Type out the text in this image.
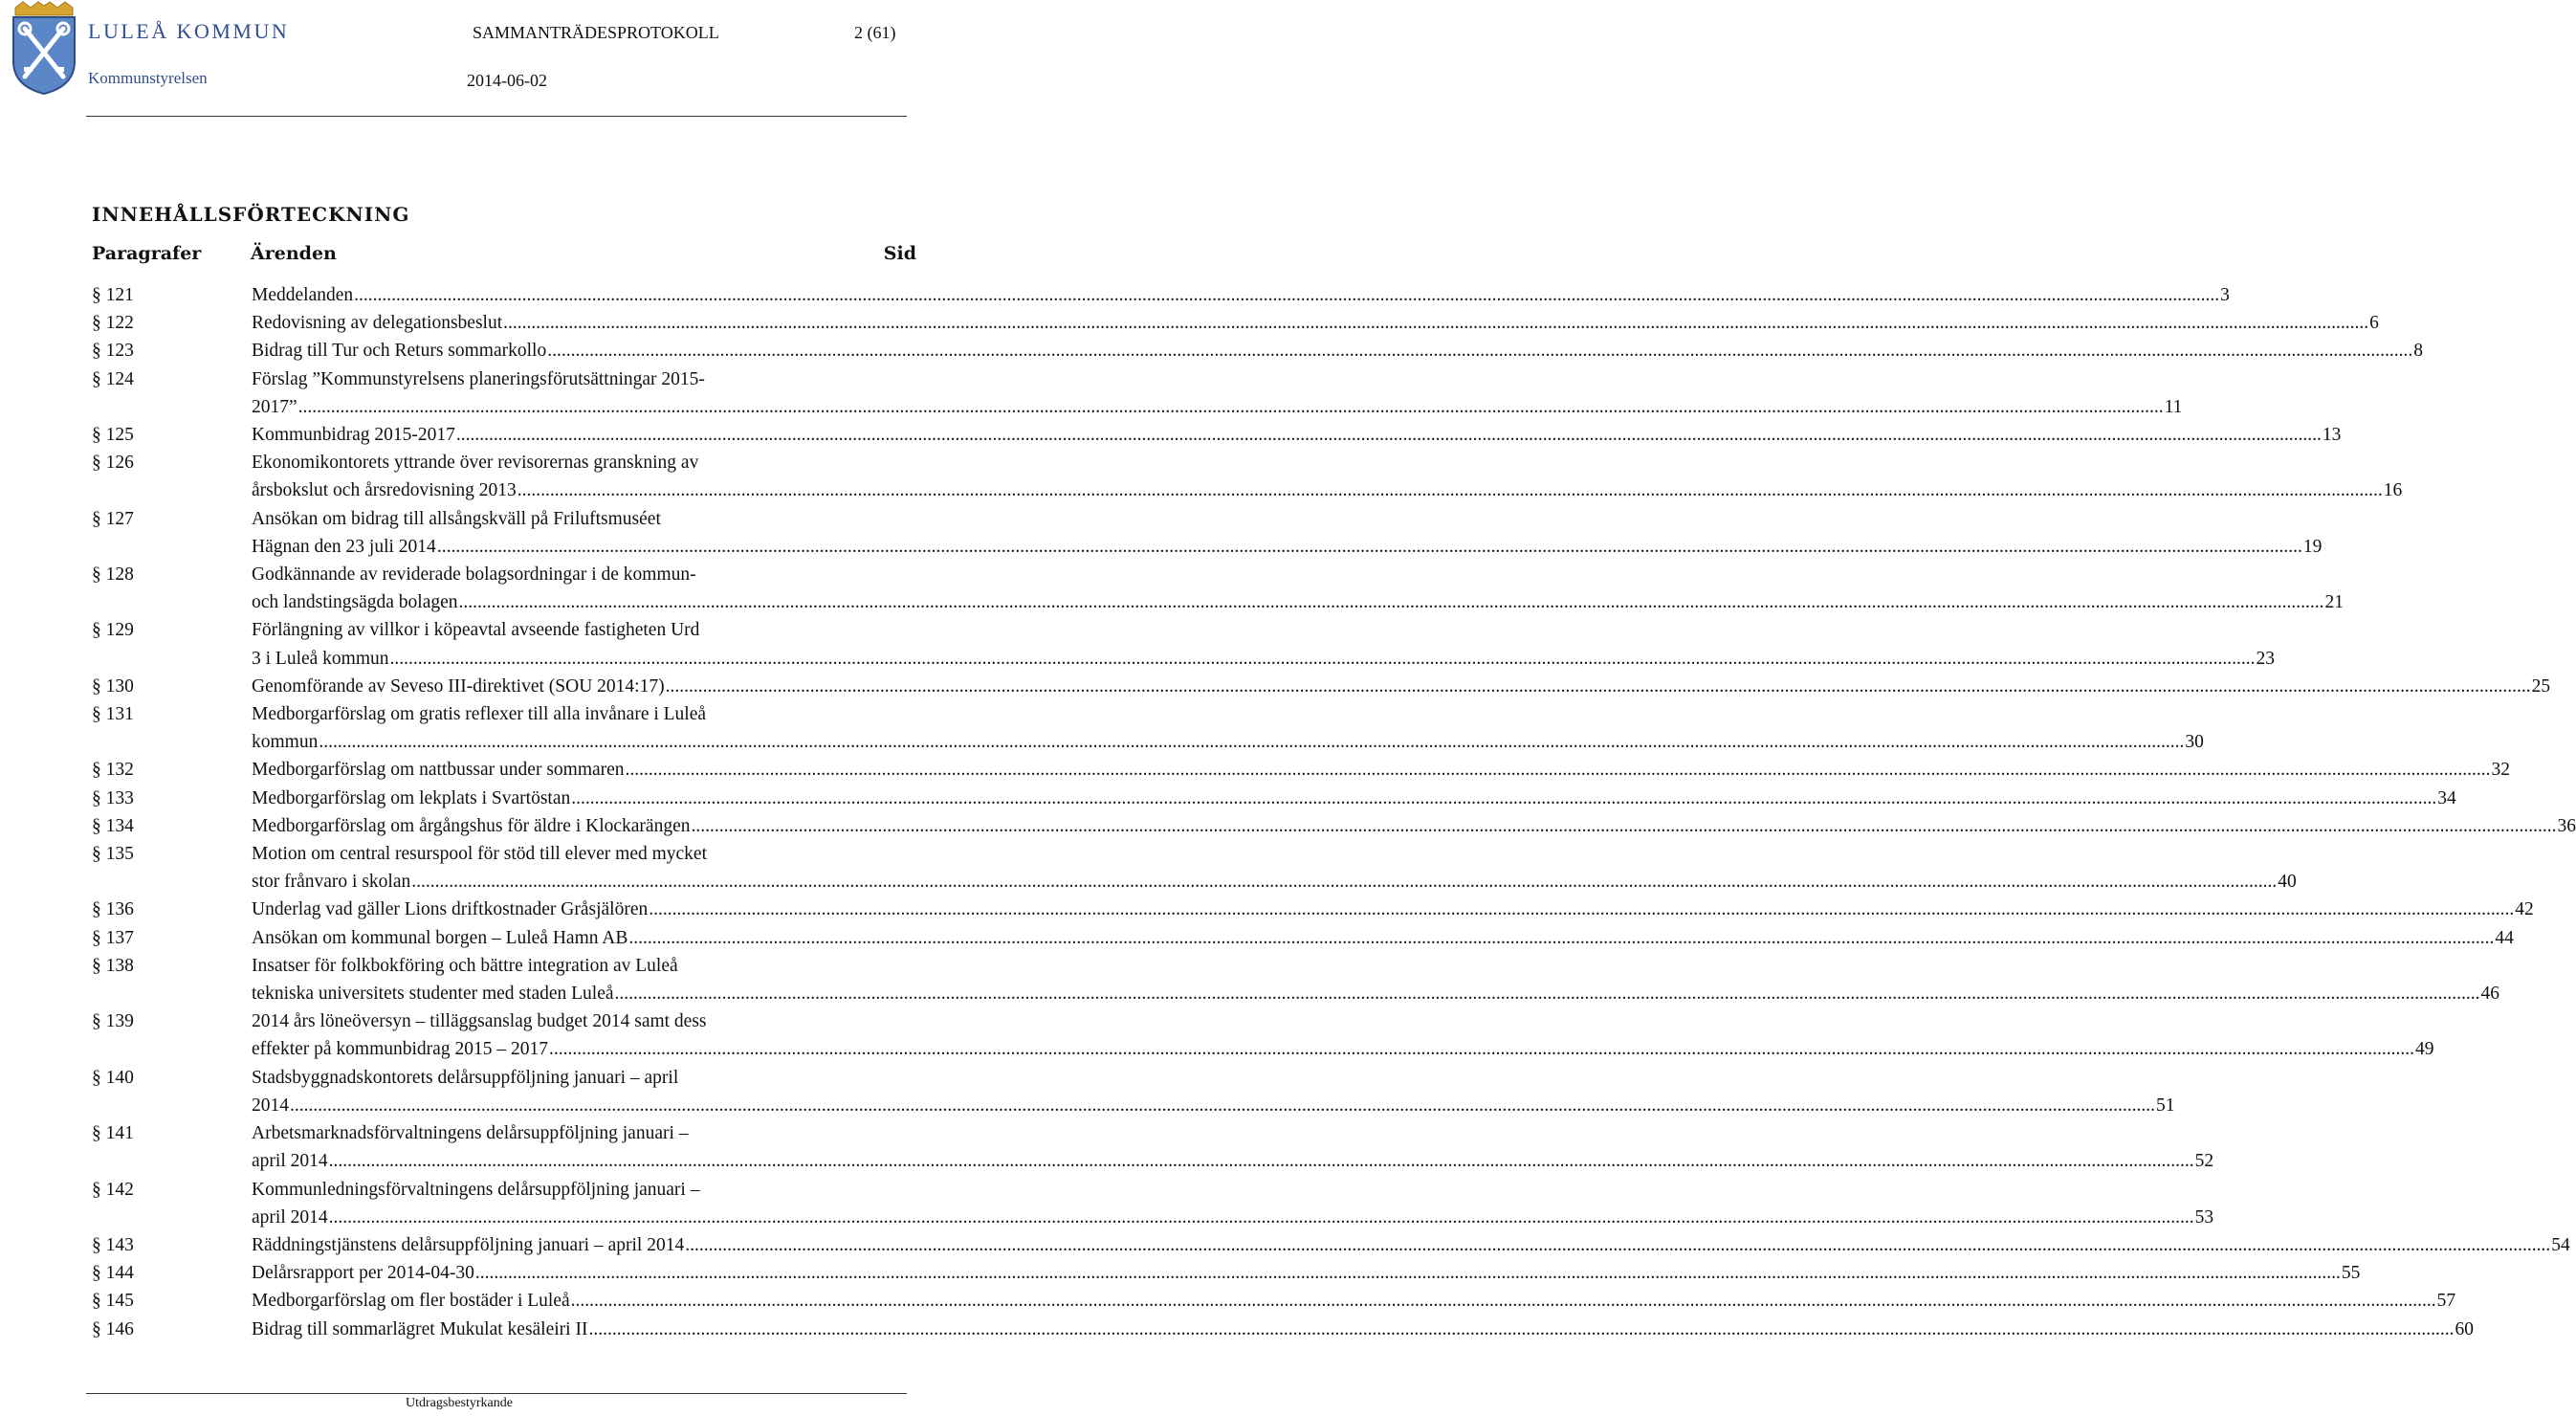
LULEÅ KOMMUN
Kommunstyrelsen
SAMMANTRÄDESPROTOKOLL	2 (61)
2014-06-02
INNEHÅLLSFÖRTECKNING
Paragrafer	Ärenden	Sid
§ 121	Meddelanden ................................................................................................................................................................................................................................................................................................................................................................................................................ 3
§ 122	Redovisning av delegationsbeslut ................................................................................................................................................................................................................................................................................................................................................................................................................ 6
§ 123	Bidrag till Tur och Returs sommarkollo ................................................................................................................................................................................................................................................................................................................................................................................................................ 8
§ 124	Förslag ”Kommunstyrelsens planeringsförutsättningar 2015-
2017” ................................................................................................................................................................................................................................................................................................................................................................................................................ 11
§ 125	Kommunbidrag 2015-2017 ................................................................................................................................................................................................................................................................................................................................................................................................................ 13
§ 126	Ekonomikontorets yttrande över revisorernas granskning av
årsbokslut och årsredovisning 2013 ................................................................................................................................................................................................................................................................................................................................................................................................................ 16
§ 127	Ansökan om bidrag till allsångskväll på Friluftsmuséet
Hägnan den 23 juli 2014 ................................................................................................................................................................................................................................................................................................................................................................................................................ 19
§ 128	Godkännande av reviderade bolagsordningar i de kommun-
och landstingsägda bolagen ................................................................................................................................................................................................................................................................................................................................................................................................................ 21
§ 129	Förlängning av villkor i köpeavtal avseende fastigheten Urd
3 i Luleå kommun ................................................................................................................................................................................................................................................................................................................................................................................................................ 23
§ 130	Genomförande av Seveso III-direktivet (SOU 2014:17) ................................................................................................................................................................................................................................................................................................................................................................................................................ 25
§ 131	Medborgarförslag om gratis reflexer till alla invånare i Luleå
kommun ................................................................................................................................................................................................................................................................................................................................................................................................................ 30
§ 132	Medborgarförslag om nattbussar under sommaren ................................................................................................................................................................................................................................................................................................................................................................................................................ 32
§ 133	Medborgarförslag om lekplats i Svartöstan ................................................................................................................................................................................................................................................................................................................................................................................................................ 34
§ 134	Medborgarförslag om årgångshus för äldre i Klockarängen ................................................................................................................................................................................................................................................................................................................................................................................................................ 36
§ 135	Motion om central resurspool för stöd till elever med mycket
stor frånvaro i skolan ................................................................................................................................................................................................................................................................................................................................................................................................................ 40
§ 136	Underlag vad gäller Lions driftkostnader Gråsjälören ................................................................................................................................................................................................................................................................................................................................................................................................................ 42
§ 137	Ansökan om kommunal borgen – Luleå Hamn AB ................................................................................................................................................................................................................................................................................................................................................................................................................ 44
§ 138	Insatser för folkbokföring och bättre integration av Luleå
tekniska universitets studenter med staden Luleå ................................................................................................................................................................................................................................................................................................................................................................................................................ 46
§ 139	2014 års löneöversyn – tilläggsanslag budget 2014 samt dess
effekter på kommunbidrag 2015 – 2017 ................................................................................................................................................................................................................................................................................................................................................................................................................ 49
§ 140	Stadsbyggnadskontorets delårsuppföljning januari – april
2014 ................................................................................................................................................................................................................................................................................................................................................................................................................ 51
§ 141	Arbetsmarknadsförvaltningens delårsuppföljning januari –
april 2014 ................................................................................................................................................................................................................................................................................................................................................................................................................ 52
§ 142	Kommunledningsförvaltningens delårsuppföljning januari –
april 2014 ................................................................................................................................................................................................................................................................................................................................................................................................................ 53
§ 143	Räddningstjänstens delårsuppföljning januari – april 2014 ................................................................................................................................................................................................................................................................................................................................................................................................................ 54
§ 144	Delårsrapport per 2014-04-30 ................................................................................................................................................................................................................................................................................................................................................................................................................ 55
§ 145	Medborgarförslag om fler bostäder i Luleå ................................................................................................................................................................................................................................................................................................................................................................................................................ 57
§ 146	Bidrag till sommarlägret Mukulat kesäleiri II ................................................................................................................................................................................................................................................................................................................................................................................................................ 60
Utdragsbestyrkande
